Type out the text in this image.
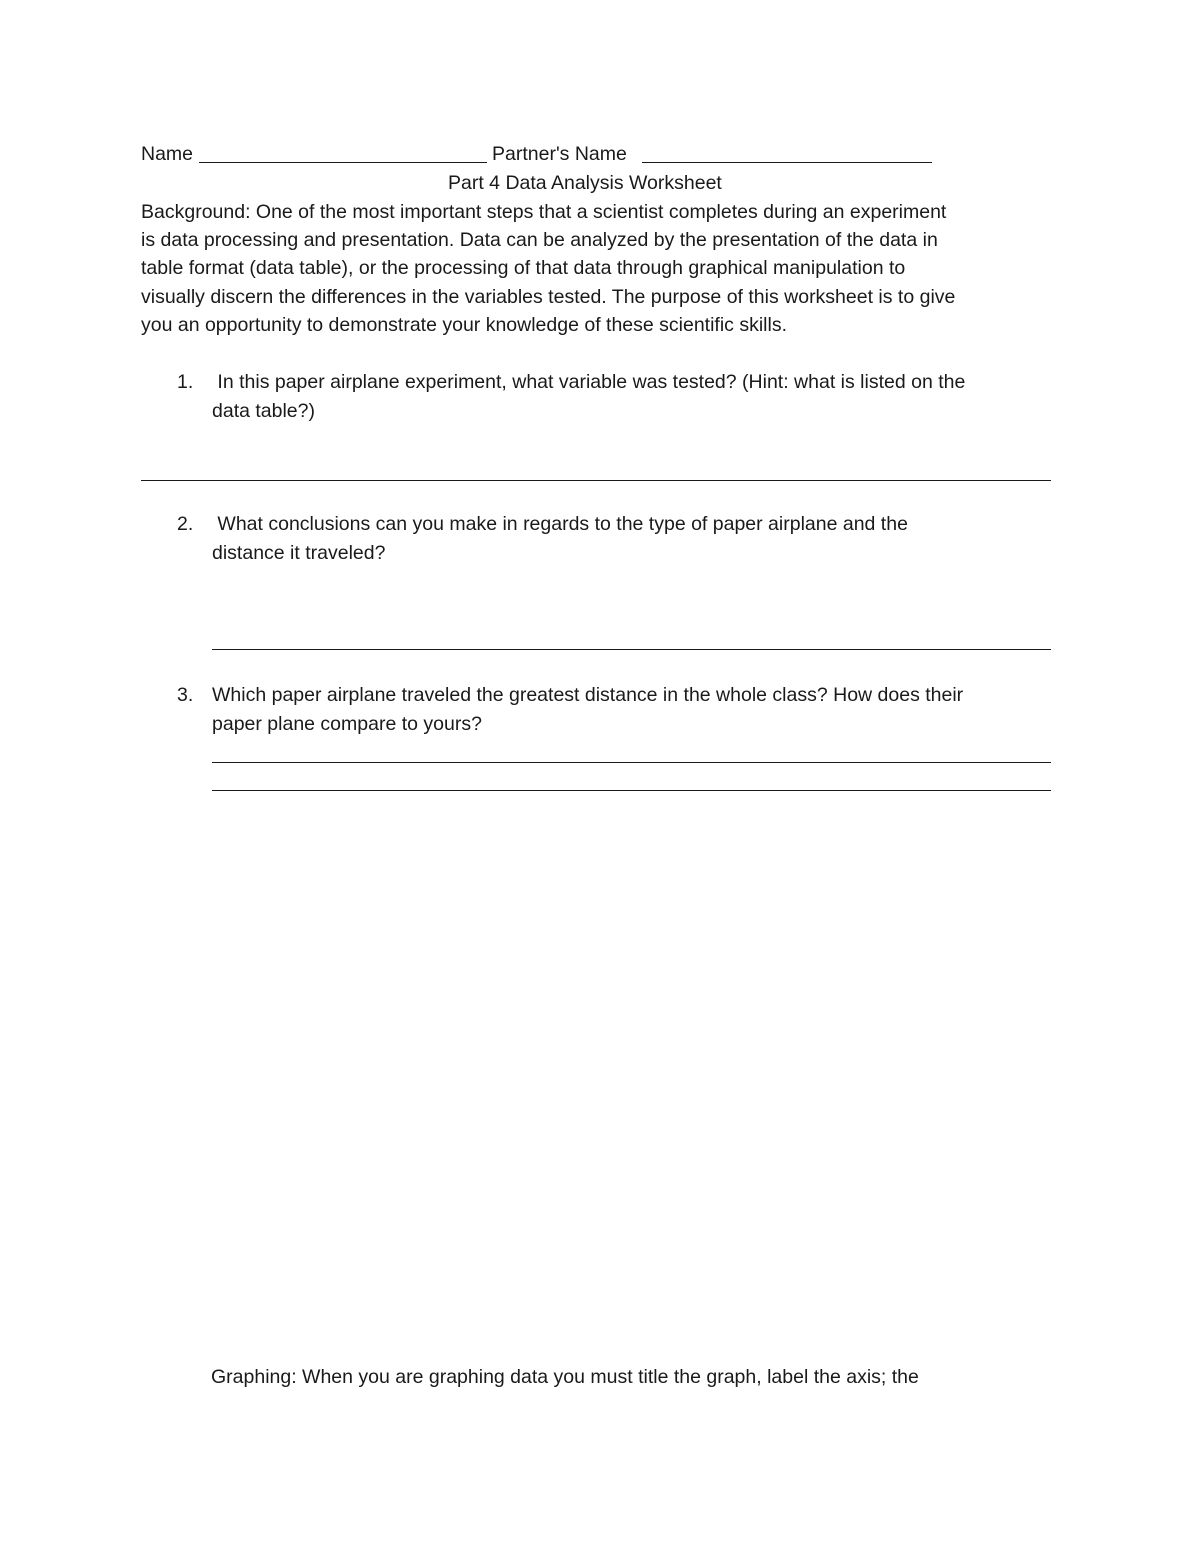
Name	Partner's Name
Part 4 Data Analysis Worksheet
Background: One of the most important steps that a scientist completes during an experiment
is data processing and presentation. Data can be analyzed by the presentation of the data in
table format (data table), or the processing of that data through graphical manipulation to
visually discern the differences in the variables tested. The purpose of this worksheet is to give
you an opportunity to demonstrate your knowledge of these scientific skills.
1. In this paper airplane experiment, what variable was tested? (Hint: what is listed on the
data table?)
2. What conclusions can you make in regards to the type of paper airplane and the
distance it traveled?
3. Which paper airplane traveled the greatest distance in the whole class? How does their
paper plane compare to yours?
Graphing: When you are graphing data you must title the graph, label the axis; the
